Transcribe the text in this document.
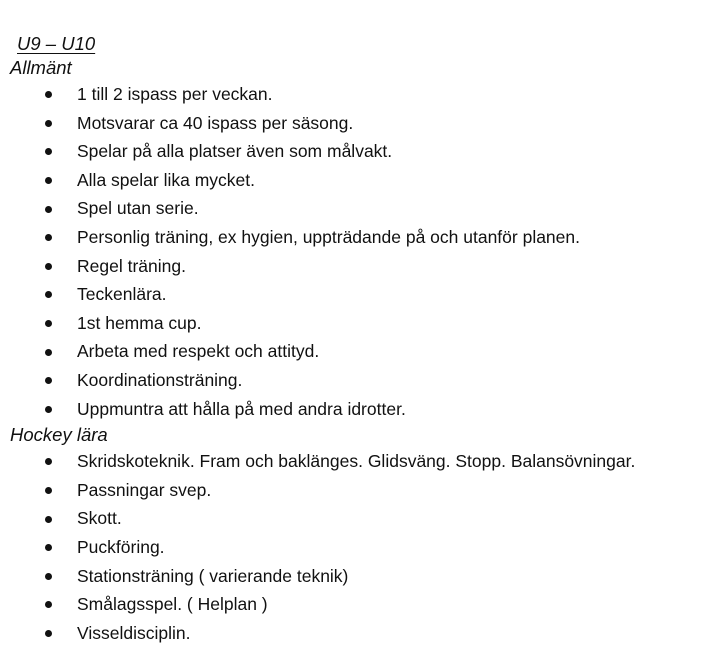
U9 – U10
Allmänt
1 till 2 ispass per veckan.
Motsvarar ca 40 ispass per säsong.
Spelar på alla platser även som målvakt.
Alla spelar lika mycket.
Spel utan serie.
Personlig träning, ex hygien, uppträdande på och utanför planen.
Regel träning.
Teckenlära.
1st hemma cup.
Arbeta med respekt och attityd.
Koordinationsträning.
Uppmuntra att hålla på med andra idrotter.
Hockey lära
Skridskoteknik. Fram och baklänges. Glidsväng. Stopp. Balansövningar.
Passningar svep.
Skott.
Puckföring.
Stationsträning ( varierande teknik)
Smålagsspel. ( Helplan )
Visseldisciplin.
